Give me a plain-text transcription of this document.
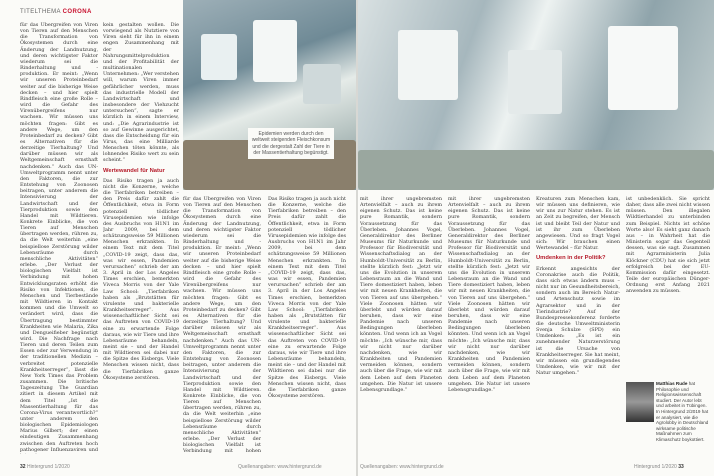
TITELTHEMA CORONA

für das Übergreifen von Viren von Tieren auf den Menschen die Transformation von Ökosystemen durch eine Änderung der Landnutzung, und deren wichtigster Faktor wiederum sei die Rinderhaltung und -produktion. Er meint: „Wenn wir unseren Proteinbedarf weiter auf die bisherige Weise decken – und hier spielt Rindfleisch eine große Rolle – wird die Gefahr des Virenübergreifens nur wachsen. Wir müssen uns möchten fragen: Gibt es andere Wege, um den Proteinbedarf zu decken? Gibt es Alternativen für die derzeitige Tierhaltung? Und darüber müssen wir als Weltgemeinschaft ernsthaft nachdenken.“ Auch das UN-Umweltprogramm nennt unter den Faktoren, die zur Entstehung von Zoonosen beitragen, unter anderem die Intensivierung der Landwirtschaft und der Tierproduktion sowie den Handel mit Wildtieren. Konkrete Einblicke, die von Tieren auf Menschen übertragen werden, rühren zu, da die Welt weiterhin „eine beispiellose Zerstörung wilder Lebensräume durch menschliche Aktivitäten“ erlebe. „Der Verlust der biologischen Vielfalt ist Verbindung mit hohen Entwicklungsraten erhöht die Risiko von Infektionen, die Menschen und Tierbestände mit Wildtieren in Kontakt kommen und die Umwelt so verändert wird, dass die Übertragung bestimmter Krankheiten wie Malaria, Zika und Dengueifieber begünstigt wird. Die Nachfrage nach Tieren und deren Teilen zum Essen oder zur Verwendung in der traditionellen Medizin – verbreitet potenzielle Krankheitserreger“, lässt die New York Times das Problem zusammen. Die britische Tageszeitung The Guardian zitiert in diesem Artikel mit dem Titel „Ist die Massentierhaltung für das Corona-Virus verantwortlich?“ unter anderem den biologischen Epidemiologen Marius Gilbert; der einen eindeutigen Zusammenhang zwischen den Auftreten hoch pathogener Influenzaviren und

kein gestalten wollen. Die vorwiegend als Nutztiere von Viren sieht für ihn in einem engen Zusammenhang mit der Nahrungsmittelproduktion und der Profitabilität der multinationalen Unternehmen: „Wer verstehen will, warum Viren immer gefährlicher werden, muss das industrielle Modell der Landwirtschaft und insbesondere der Viehzucht untersuchen“, sagte er kürzlich in einem Interview, und: „Die Agrarindustrie ist so auf Gewinne ausgerichtet, dass die Entscheidung für ein Virus, das eine Milliarde Menschen töten könnte, als lohnendes Risiko wert zu sein scheint.“

Wertewandel für Natur

Das Risiko tragen ja auch nicht die Konzerne, welche die Tierfabriken betreiben – den Preis dafür zahlt die Öffentlichkeit, etwa in Form potenziell tödlicher Virusepidemien wie infolge des Ausbruchs von H1N1 im Jahr 2009, bei dem schätzungsweise 59 Millionen Menschen erkrankten. In einem Text mit dem Titel „COVID-19 zeigt, dass das, was wir essen, Pandemien verursachen“ schrieb der am 3. April in der Los Angeles Times erschien, bemerkten Viveca Morris von der Yale Law School: „Tierfabriken haben als „Brutstätten für virulente und bakterielle Krankheitserreger“. Aus wissenschaftlicher Sicht sei das Auftreten von COVID-19 eine zu erwartende Folge daraus, wie wir Tiere und ihre Lebensräume behandeln, meint sie – und der Handel mit Wildtieren sei dabei nur die Spitze des Eisbergs. Viele Menschen wissen nicht, dass die Tierfabriken ganze Ökosysteme zerstören.

für das Übergreifen von Viren von Tieren auf den Menschen die Transformation von Ökosystemen durch eine Änderung der Landnutzung, und deren wichtigster Faktor wiederum sei die Rinderhaltung und -produktion. Er meint: „Wenn wir unseren Proteinbedarf weiter auf die bisherige Weise decken – und hier spielt Rindfleisch eine große Rolle – wird die Gefahr des Virenübergreifens nur wachsen. Wir müssen uns möchten fragen: Gibt es andere Wege, um den Proteinbedarf zu decken? Gibt es Alternativen für die derzeitige Tierhaltung? Und darüber müssen wir als Weltgemeinschaft ernsthaft nachdenken.“ Auch das UN-Umweltprogramm nennt unter den Faktoren, die zur Entstehung von Zoonosen beitragen, unter anderem die Intensivierung der Landwirtschaft und der Tierproduktion sowie den Handel mit Wildtieren. Konkrete Einblicke, die von Tieren auf Menschen übertragen werden, rühren zu, da die Welt weiterhin „eine beispiellose Zerstörung wilder Lebensräume durch menschliche Aktivitäten“ erlebe. „Der Verlust der biologischen Vielfalt ist Verbindung mit hohen

Das Risiko tragen ja auch nicht die Konzerne, welche die Tierfabriken betreiben – den Preis dafür zahlt die Öffentlichkeit, etwa in Form potenziell tödlicher Virusepidemien wie infolge des Ausbruchs von H1N1 im Jahr 2009, bei dem schätzungsweise 59 Millionen Menschen erkrankten. In einem Text mit dem Titel „COVID-19 zeigt, dass das, was wir essen, Pandemien verursachen“ schrieb der am 3. April in der Los Angeles Times erschien, bemerkten Viveca Morris von der Yale Law School: „Tierfabriken haben als „Brutstätten für virulente und bakterielle Krankheitserreger“. Aus wissenschaftlicher Sicht sei das Auftreten von COVID-19 eine zu erwartende Folge daraus, wie wir Tiere und ihre Lebensräume behandeln, meint sie – und der Handel mit Wildtieren sei dabei nur die Spitze des Eisbergs. Viele Menschen wissen nicht, dass die Tierfabriken ganze Ökosysteme zerstören.

Epidemien werden durch den weltweit steigenden Fleischkonsum und die dergestalt Zahl der Tiere in der Massentierhaltung begünstigt.
32 Hintergrund 1/2020	Quellenangaben: www.hintergrund.de

mit ihrer ungebremsten Artenvielfalt – auch zu ihrem eigenen Schutz. Das ist keine pure Romantik, sondern Voraussetzung für das Überleben. Johannes Vogel, Generaldirektor des Berliner Museums für Naturkunde und Professor für Biodiversität und Wissenschaftsdialog an der Humboldt-Universität zu Berlin, stellte kürzlich fest: „Jetzt wir uns die Evolution in unserem Lebensraum an die Wand und Tiere domestiziert haben, leben wir mit neuen Krankheiten, die von Tieren auf uns übergehen.“ Viele Zoonosen hätten wir überlebt und würden darauf beruhen, dass wir eine Pandemie nach unseren Bedingungen überleben könnten. Und wenn ich an Vogel möchte: „Ich wünsche mir, dass wir nicht nur darüber nachdenken, wie wir Krankheiten und Pandemien vermeiden können, sondern auch über die Frage, wie wir mit dem Leben auf dem Planeten umgehen. Die Natur ist unsere Lebensgrundlage.“

mit ihrer ungebremsten Artenvielfalt – auch zu ihrem eigenen Schutz. Das ist keine pure Romantik, sondern Voraussetzung für das Überleben. Johannes Vogel, Generaldirektor des Berliner Museums für Naturkunde und Professor für Biodiversität und Wissenschaftsdialog an der Humboldt-Universität zu Berlin, stellte kürzlich fest: „Jetzt wir uns die Evolution in unserem Lebensraum an die Wand und Tiere domestiziert haben, leben wir mit neuen Krankheiten, die von Tieren auf uns übergehen.“ Viele Zoonosen hätten wir überlebt und würden darauf beruhen, dass wir eine Pandemie nach unseren Bedingungen überleben könnten. Und wenn ich an Vogel möchte: „Ich wünsche mir, dass wir nicht nur darüber nachdenken, wie wir Krankheiten und Pandemien vermeiden können, sondern auch über die Frage, wie wir mit dem Leben auf dem Planeten umgehen. Die Natur ist unsere Lebensgrundlage.“

Kreaturen zum Menschen kam, wir müssen uns definieren, wie wir uns zur Natur stehen. Es ist an Zeit zu begreifen, der Mensch ist und bleibt Teil der Natur und ist ihr zum Überleben angewiesen. Und so fragt Vogel sich: Wir brauchen einen Wertewandel – für Natur.

Umdenken in der Politik?

Erkennt angesichts der Coronakrise auch die Politik, dass sich etwas ändern muss – nicht nur im Gesundheitsbereich, sondern auch im Bereich Natur- und Artenschutz sowie im Agrarsektor und in der Tierindustrie? Auf der Bundespressekonferenz forderte die deutsche Umweltministerin Svenja Schulze (SPD) ein Umdenken: „Es ist ein zunehmender Naturzerstörung ist die Ursache von Krankheitserreger. Sie hat meint, wir müssen ein grundlegendes Umdenken, wie wir mit der Natur umgehen.“

ist unbedenklich. Sie spricht daher, dass alle zwei nicht wissen müssen. Den illegalen Wildtierhandel zu unterbinden zum Beispiel. Nichts ist schöne Worte also! Es sieht ganz danach aus – in Wahrheit hat die Ministerin sogar das Gegenteil dessen, was sie sagt. Zusammen mit Agrarministerin Julia Klöckner (CDU) hat sie sich jetzt erfolgreich bei der EU-Kommission dafür eingesetzt. Teile der europäischen Dünger-Ordnung erst Anfang 2021 anwenden zu müssen.

Matthias Rude hat Philosophie und Religionswissenschaft studiert. Der Autor lebt und arbeitet in Tübingen. In Hintergrund 2/2019 hat er analysiert, wie die Agrolobby in Deutschland wirksame politische Maßnahmen zum Klimaschutz boykottiert.
Quellenangaben: www.hintergrund.de	Hintergrund 1/2020 33
